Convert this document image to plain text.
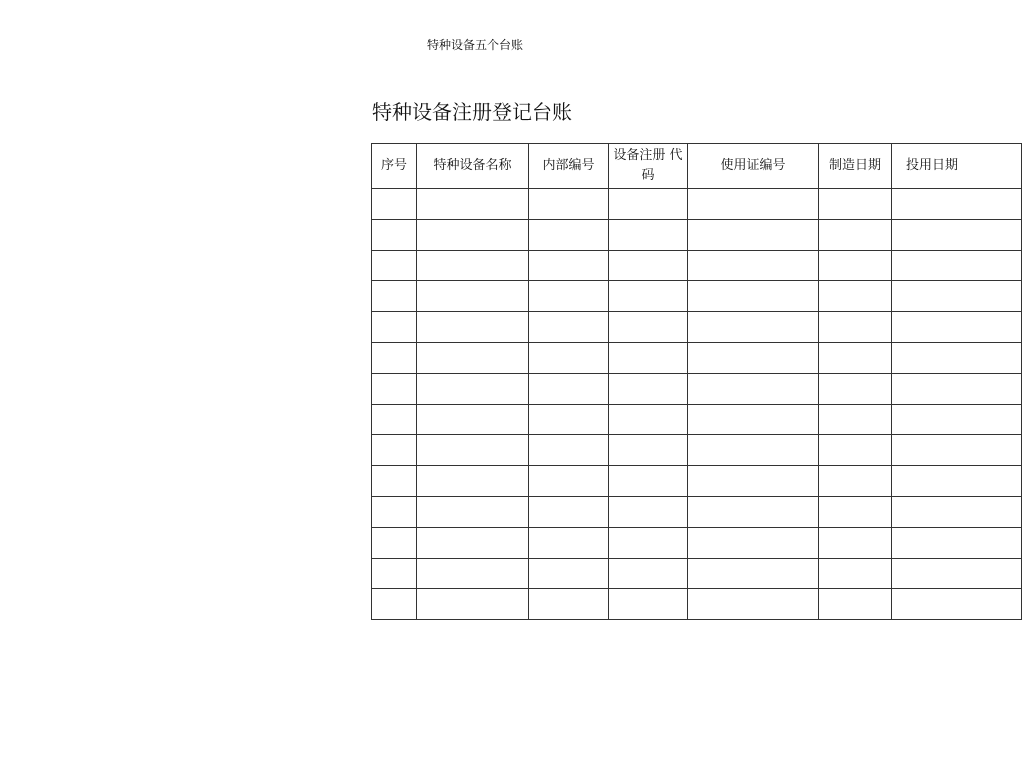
特种设备五个台账
特种设备注册登记台账
序号	特种设备名称	内部编号	设备注册 代码	使用证编号	制造日期	投用日期
